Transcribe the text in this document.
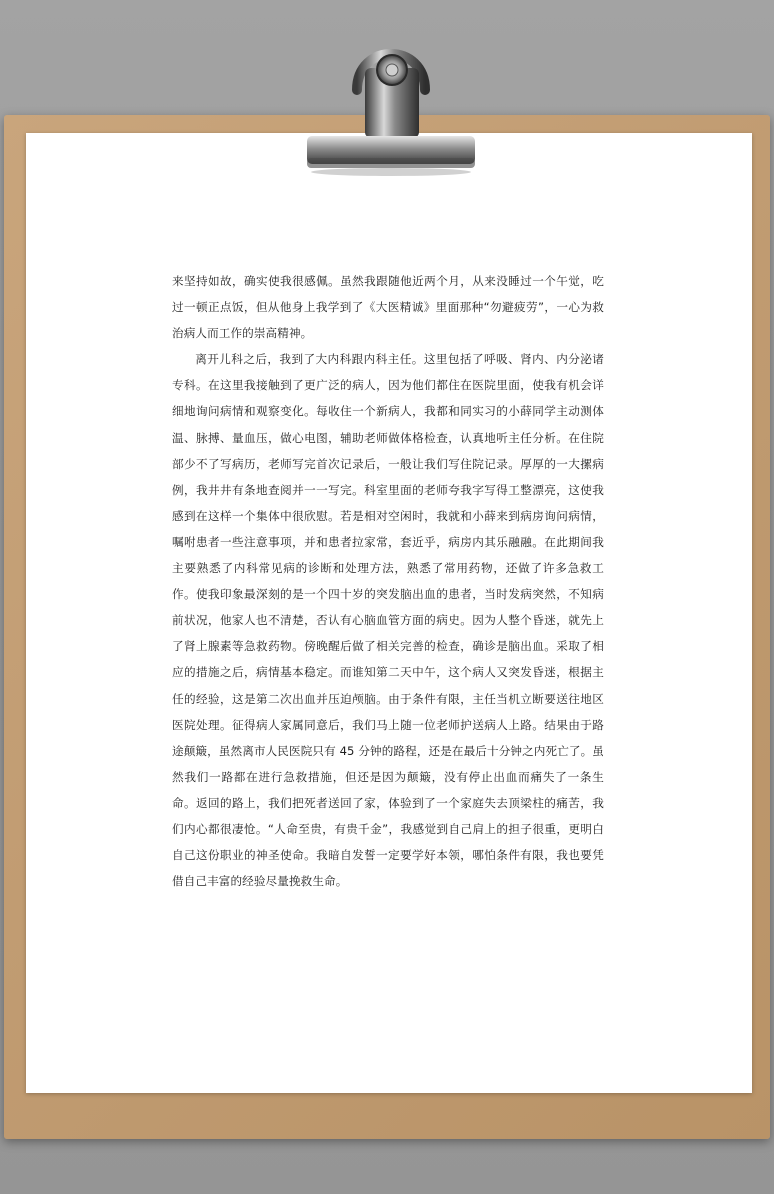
来坚持如故，确实使我很感佩。虽然我跟随他近两个月，从来没睡过一个午觉，吃过一顿正点饭，但从他身上我学到了《大医精诚》里面那种“勿避疲劳”，一心为救治病人而工作的崇高精神。

离开儿科之后，我到了大内科跟内科主任。这里包括了呼吸、肾内、内分泌诸专科。在这里我接触到了更广泛的病人，因为他们都住在医院里面，使我有机会详细地询问病情和观察变化。每收住一个新病人，我都和同实习的小薛同学主动测体温、脉搏、量血压，做心电图，辅助老师做体格检查，认真地听主任分析。在住院部少不了写病历，老师写完首次记录后，一般让我们写住院记录。厚厚的一大摞病例，我井井有条地查阅并一一写完。科室里面的老师夸我字写得工整漂亮，这使我感到在这样一个集体中很欣慰。若是相对空闲时，我就和小薛来到病房询问病情，嘱咐患者一些注意事项，并和患者拉家常，套近乎，病房内其乐融融。在此期间我主要熟悉了内科常见病的诊断和处理方法，熟悉了常用药物，还做了许多急救工作。使我印象最深刻的是一个四十岁的突发脑出血的患者，当时发病突然，不知病前状况，他家人也不清楚，否认有心脑血管方面的病史。因为人整个昏迷，就先上了肾上腺素等急救药物。傍晚醒后做了相关完善的检查，确诊是脑出血。采取了相应的措施之后，病情基本稳定。而谁知第二天中午，这个病人又突发昏迷，根据主任的经验，这是第二次出血并压迫颅脑。由于条件有限，主任当机立断要送往地区医院处理。征得病人家属同意后，我们马上随一位老师护送病人上路。结果由于路途颠簸，虽然离市人民医院只有 45 分钟的路程，还是在最后十分钟之内死亡了。虽然我们一路都在进行急救措施，但还是因为颠簸，没有停止出血而痛失了一条生命。返回的路上，我们把死者送回了家，体验到了一个家庭失去顶梁柱的痛苦，我们内心都很凄怆。“人命至贵，有贵千金”，我感觉到自己肩上的担子很重，更明白自己这份职业的神圣使命。我暗自发誓一定要学好本领，哪怕条件有限，我也要凭借自己丰富的经验尽量挽救生命。
